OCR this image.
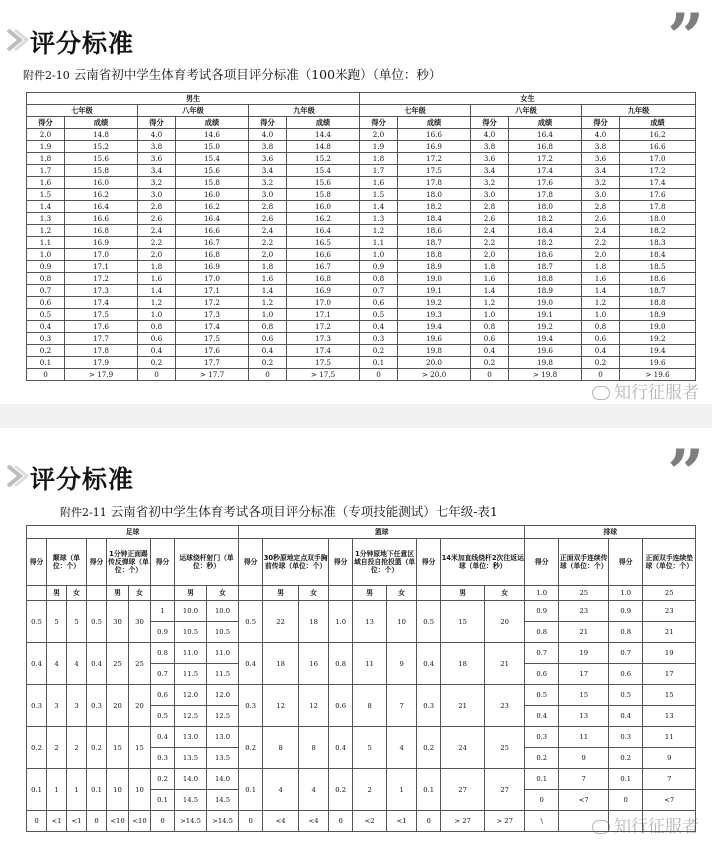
评分标准	”
附件2-10 云南省初中学生体育考试各项目评分标准（100米跑）（单位：秒）
男生						女生					
七年级		八年级		九年级		七年级		八年级		九年级	
得分	成绩	得分	成绩	得分	成绩	得分	成绩	得分	成绩	得分	成绩
2.0	14.8	4.0	14.6	4.0	14.4	2.0	16.6	4.0	16.4	4.0	16.2
1.9	15.2	3.8	15.0	3.8	14.8	1.9	16.9	3.8	16.8	3.8	16.6
1.8	15.6	3.6	15.4	3.6	15.2	1.8	17.2	3.6	17.2	3.6	17.0
1.7	15.8	3.4	15.6	3.4	15.4	1.7	17.5	3.4	17.4	3.4	17.2
1.6	16.0	3.2	15.8	3.2	15.6	1.6	17.8	3.2	17.6	3.2	17.4
1.5	16.2	3.0	16.0	3.0	15.8	1.5	18.0	3.0	17.8	3.0	17.6
1.4	16.4	2.8	16.2	2.8	16.0	1.4	18.2	2.8	18.0	2.8	17.8
1.3	16.6	2.6	16.4	2.6	16.2	1.3	18.4	2.6	18.2	2.6	18.0
1.2	16.8	2.4	16.6	2.4	16.4	1.2	18.6	2.4	18.4	2.4	18.2
1.1	16.9	2.2	16.7	2.2	16.5	1.1	18.7	2.2	18.2	2.2	18.3
1.0	17.0	2.0	16.8	2.0	16.6	1.0	18.8	2.0	18.6	2.0	18.4
0.9	17.1	1.8	16.9	1.8	16.7	0.9	18.9	1.8	18.7	1.8	18.5
0.8	17.2	1.6	17.0	1.6	16.8	0.8	19.0	1.6	18.8	1.6	18.6
0.7	17.3	1.4	17.1	1.4	16.9	0.7	19.1	1.4	18.9	1.4	18.7
0.6	17.4	1.2	17.2	1.2	17.0	0.6	19.2	1.2	19.0	1.2	18.8
0.5	17.5	1.0	17.3	1.0	17.1	0.5	19.3	1.0	19.1	1.0	18.9
0.4	17.6	0.8	17.4	0.8	17.2	0.4	19.4	0.8	19.2	0.8	19.0
0.3	17.7	0.6	17.5	0.6	17.3	0.3	19.6	0.6	19.4	0.6	19.2
0.2	17.8	0.4	17.6	0.4	17.4	0.2	19.8	0.4	19.6	0.4	19.4
0.1	17.9	0.2	17.7	0.2	17.5	0.1	20.0	0.2	19.8	0.2	19.6
0	> 17.9	0	> 17.7	0	> 17.5	0	> 20.0	0	> 19.8	0	> 19.6
知行征服者
评分标准	”
附件2-11 云南省初中学生体育考试各项目评分标准（专项技能测试）七年级-表1
知行征服者
足球									篮球									排球			
得分	颠球（单位：个）		得分	1分钟正面踢传反弹球（单位：个）		得分	运球绕杆射门（单位：秒）		得分	30秒原地定点双手胸前传球（单位：个）		得分	1分钟原地下任意区域自投自抢投篮（单位：个）		得分	14米加直线绕杆2次往返运球（单位：秒）		得分	正面双手连续传球（单位：个）	得分	正面双手连续垫球（单位：个）
	男	女		男	女		男	女		男	女		男	女		男	女	1.0	25	1.0	25
0.5	5	5	0.5	30	30	1	10.0	10.0	0.5	22	18	1.0	13	10	0.5	15	20	0.9	23	0.9	23
						0.9	10.5	10.5										0.8	21	0.8	21
0.4	4	4	0.4	25	25	0.8	11.0	11.0	0.4	18	16	0.8	11	9	0.4	18	21	0.7	19	0.7	19
						0.7	11.5	11.5										0.6	17	0.6	17
0.3	3	3	0.3	20	20	0.6	12.0	12.0	0.3	12	12	0.6	8	7	0.3	21	23	0.5	15	0.5	15
						0.5	12.5	12.5										0.4	13	0.4	13
0.2	2	2	0.2	15	15	0.4	13.0	13.0	0.2	8	8	0.4	5	4	0.2	24	25	0.3	11	0.3	11
						0.3	13.5	13.5										0.2	9	0.2	9
0.1	1	1	0.1	10	10	0.2	14.0	14.0	0.1	4	4	0.2	2	1	0.1	27	27	0.1	7	0.1	7
						0.1	14.5	14.5										0	<7	0	<7
0	<1	<1	0	<10	<10	0	>14.5	>14.5	0	<4	<4	0	<2	<1	0	> 27	> 27	\			
